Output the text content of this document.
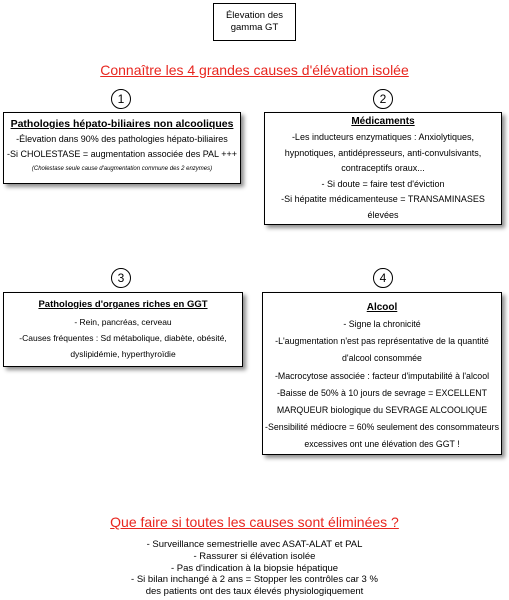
Élevation des gamma GT
Connaître les 4 grandes causes d'élévation isolée
1	2
3	4
Pathologies hépato-biliaires non alcooliques
-Élevation dans 90% des pathologies hépato-biliaires
-Si CHOLESTASE = augmentation associée des PAL +++
(Cholestase seule cause d'augmentation commune des 2 enzymes)
Médicaments
-Les inducteurs enzymatiques : Anxiolytiques,
hypnotiques, antidépresseurs, anti-convulsivants,
contraceptifs oraux...
- Si doute = faire test d'éviction
-Si hépatite médicamenteuse = TRANSAMINASES
élevées
Pathologies d'organes riches en GGT
- Rein, pancréas, cerveau
-Causes fréquentes : Sd métabolique, diabète, obésité,
dyslipidémie, hyperthyroïdie
Alcool
- Signe la chronicité
-L'augmentation n'est pas représentative de la quantité
d'alcool consommée
-Macrocytose associée : facteur d'imputabilité à l'alcool
-Baisse de 50% à 10 jours de sevrage = EXCELLENT
MARQUEUR biologique du SEVRAGE ALCOOLIQUE
-Sensibilité médiocre = 60% seulement des consommateurs
excessives ont une élévation des GGT !
Que faire si toutes les causes sont éliminées ?
- Surveillance semestrielle avec ASAT-ALAT et PAL
- Rassurer si élévation isolée
- Pas d'indication à la biopsie hépatique
- Si bilan inchangé à 2 ans = Stopper les contrôles car 3 %
des patients ont des taux élevés physiologiquement
